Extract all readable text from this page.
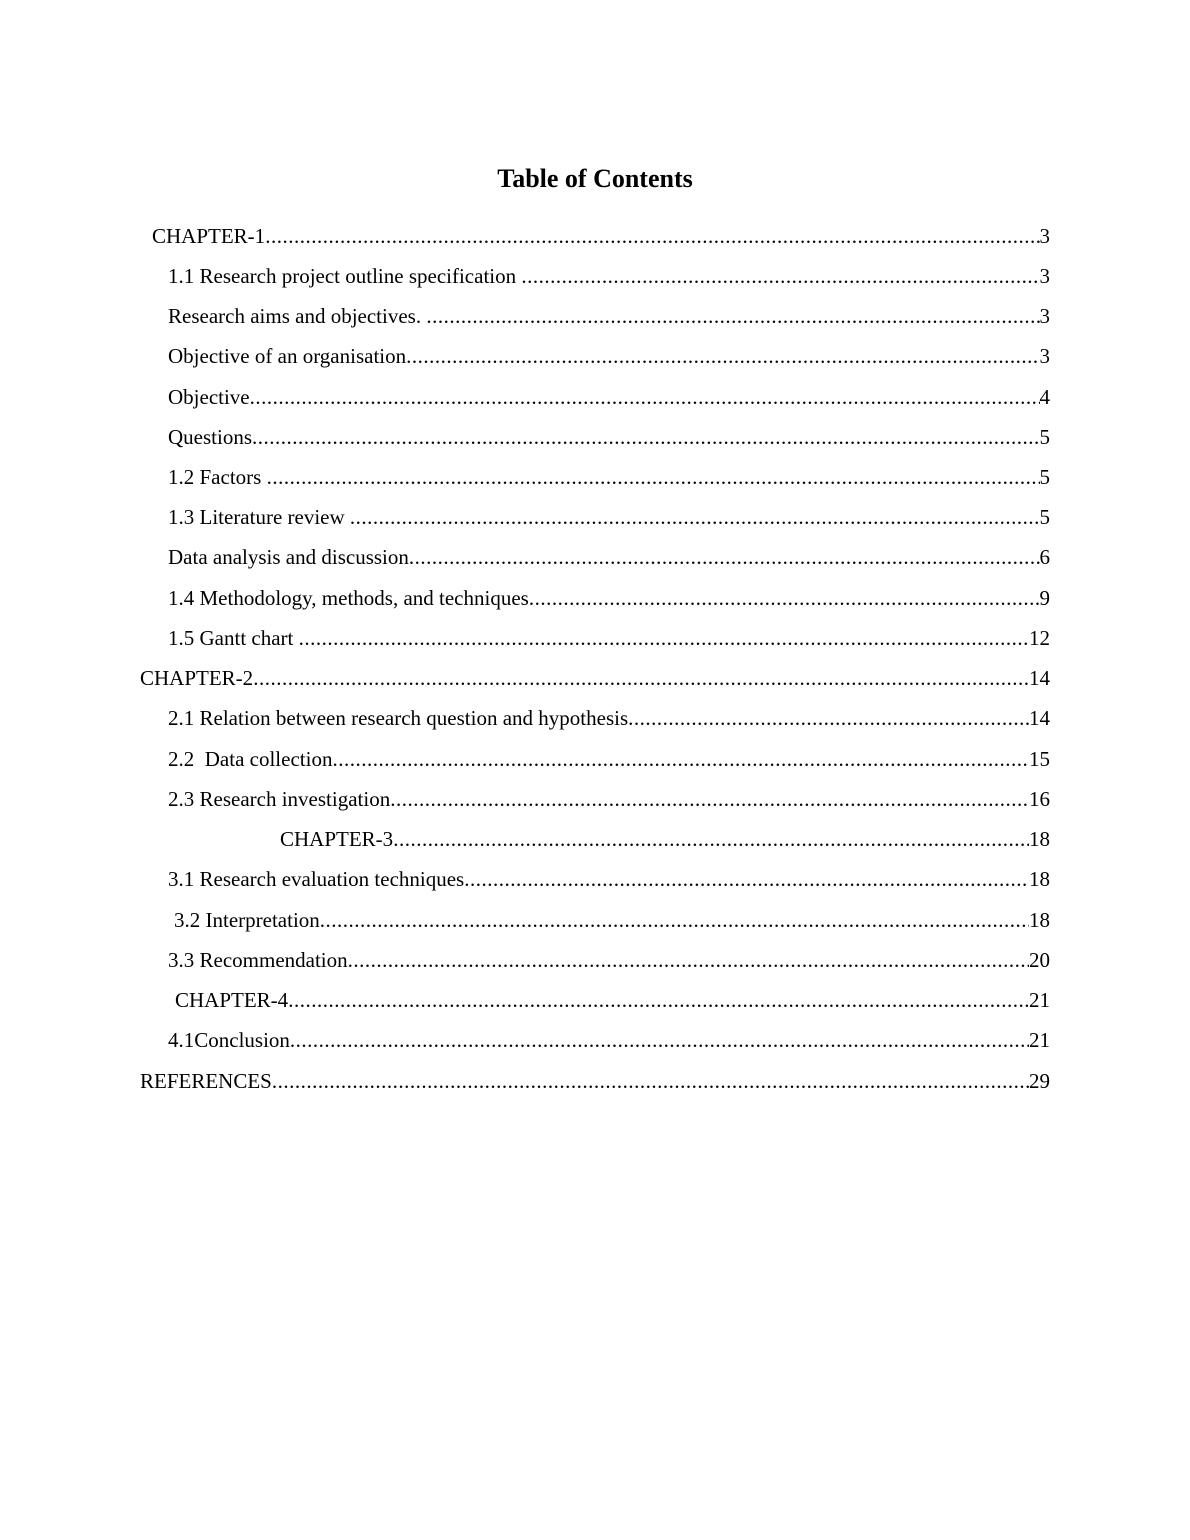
Table of Contents
CHAPTER-1 .....	3
1.1 Research project outline specification .....	3
Research aims and objectives. .....	3
Objective of an organisation .....	3
Objective .....	4
Questions .....	5
1.2 Factors .....	5
1.3 Literature review .....	5
Data analysis and discussion .....	6
1.4 Methodology, methods, and techniques .....	9
1.5 Gantt chart .....	12
CHAPTER-2 .....	14
2.1 Relation between research question and hypothesis .....	14
2.2  Data collection .....	15
2.3 Research investigation .....	16
CHAPTER-3 .....	18
3.1 Research evaluation techniques .....	18
3.2 Interpretation .....	18
3.3 Recommendation .....	20
CHAPTER-4 .....	21
4.1Conclusion .....	21
REFERENCES .....	29
